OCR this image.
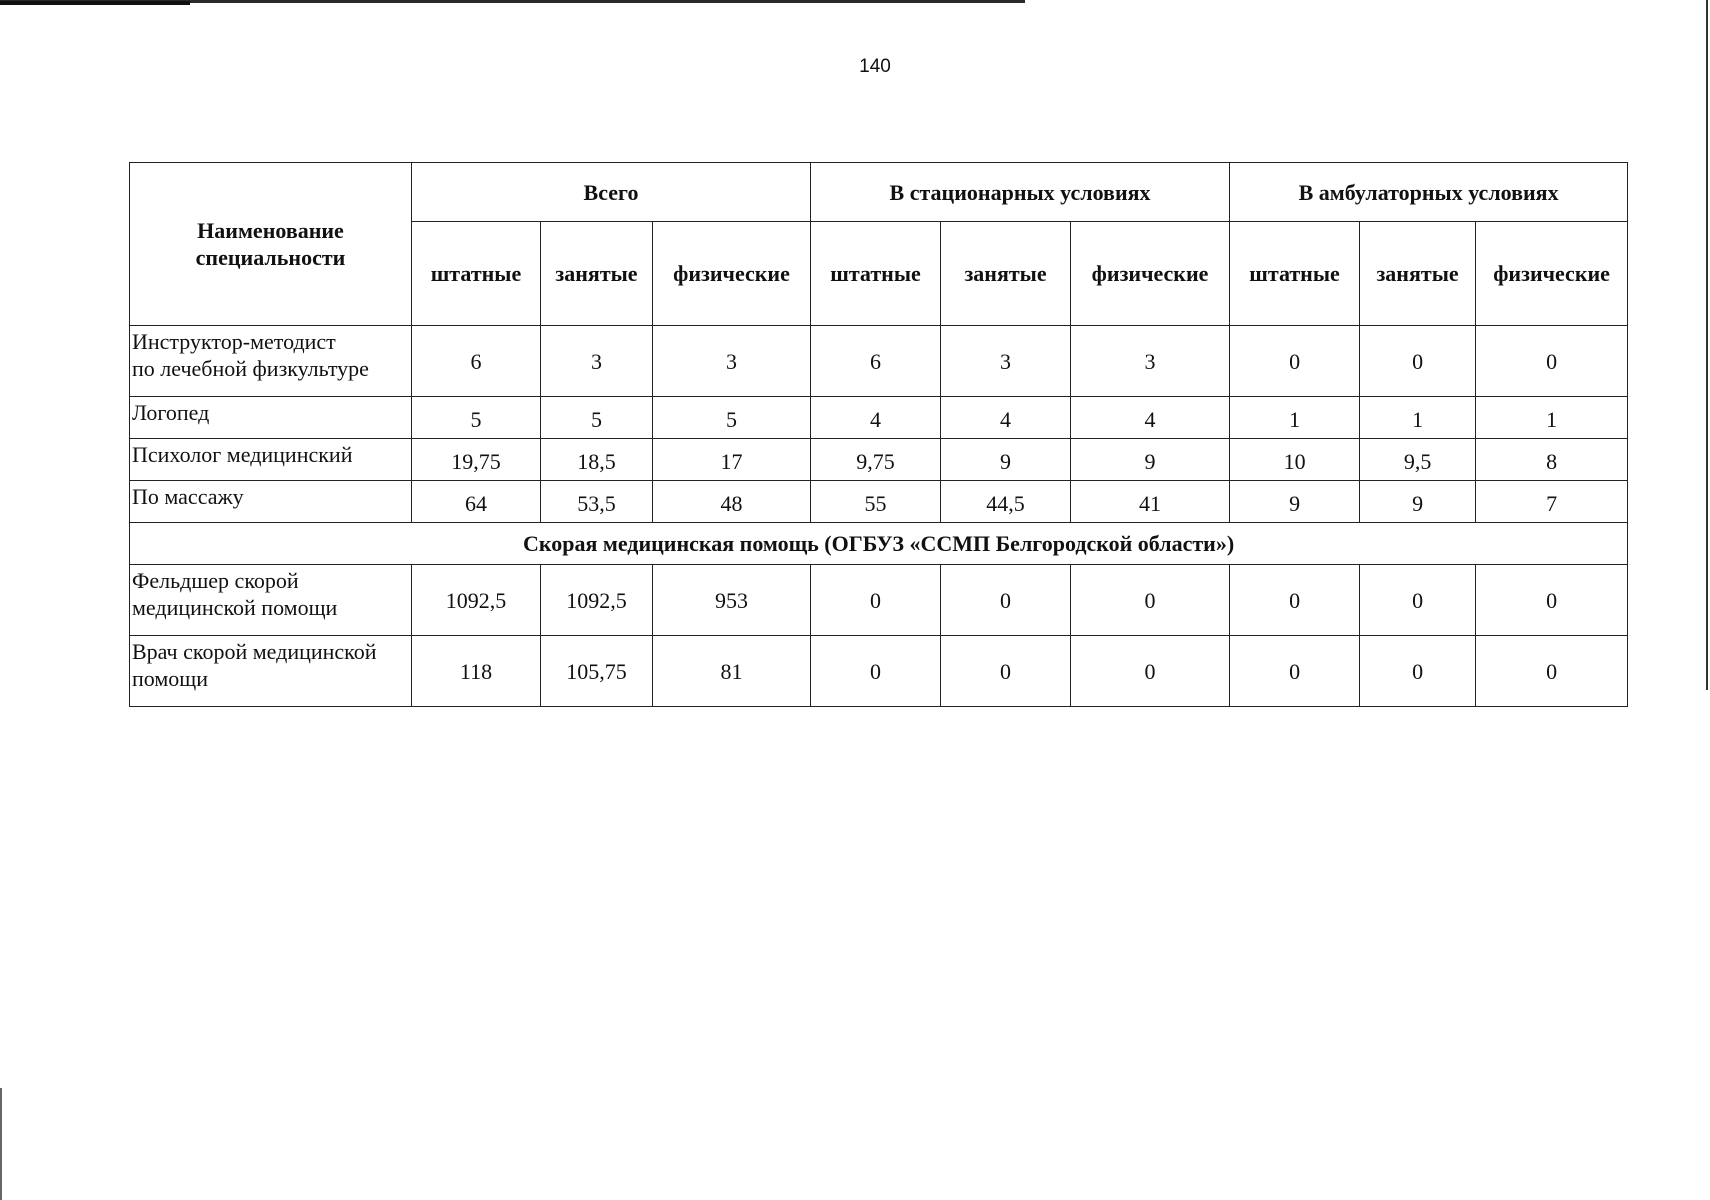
140
Наименование специальности	Всего			В стационарных условиях			В амбулаторных условиях		
	штатные	занятые	физические	штатные	занятые	физические	штатные	занятые	физические
Инструктор-методист
по лечебной физкультуре	6	3	3	6	3	3	0	0	0
Логопед	5	5	5	4	4	4	1	1	1
Психолог медицинский	19,75	18,5	17	9,75	9	9	10	9,5	8
По массажу	64	53,5	48	55	44,5	41	9	9	7
Скорая медицинская помощь (ОГБУЗ «ССМП Белгородской области»)									
Фельдшер скорой
медицинской помощи	1092,5	1092,5	953	0	0	0	0	0	0
Врач скорой медицинской
помощи	118	105,75	81	0	0	0	0	0	0
